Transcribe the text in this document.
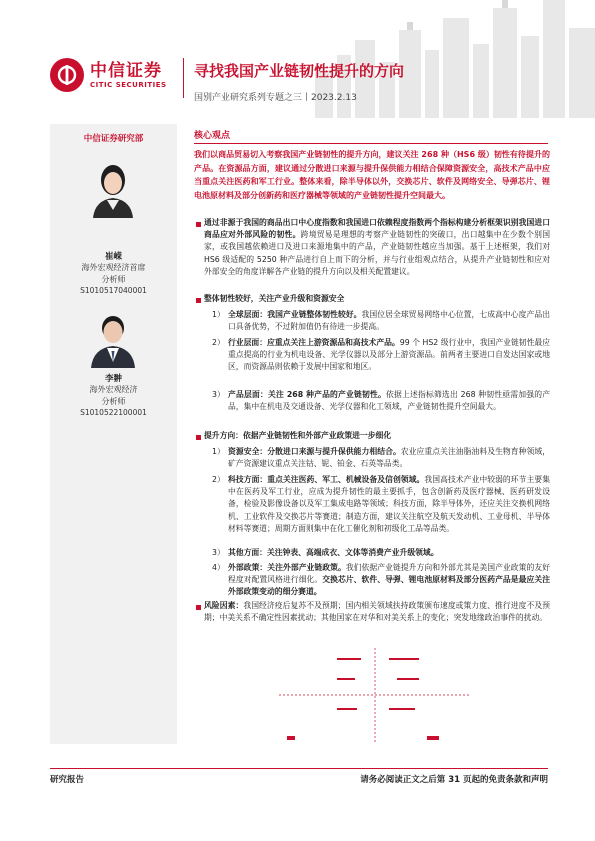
中信证券
CITIC SECURITIES
寻找我国产业链韧性提升的方向
国别产业研究系列专题之三丨2023.2.13
中信证券研究部
崔嵘
海外宏观经济首席
分析师
S1010517040001
李翀
海外宏观经济
分析师
S1010522100001
核心观点
我们以商品贸易切入考察我国产业链韧性的提升方向，建议关注 268 种（HS6 级）韧性有待提升的产品。在资源品方面，建议通过分散进口来源与提升保供能力相结合保障资源安全，高技术产品中应当重点关注医药和军工行业。整体来看，除半导体以外，交换芯片、软件及网络安全、导弹芯片、锂电池原材料及部分创新药和医疗器械等领域的产业链韧性提升空间最大。
通过非源于我国的商品出口中心度指数和我国进口依赖程度指数两个指标构建分析框架识别我国进口商品应对外部风险的韧性。跨境贸易是理想的考察产业链韧性的突破口，出口越集中在少数个别国家，或我国越依赖进口及进口来源地集中的产品，产业链韧性越应当加强。基于上述框架，我们对 HS6 级适配的 5250 种产品进行自上而下的分析，并与行业组观点结合，从提升产业链韧性和应对外部安全的角度详解各产业链的提升方向以及相关配置建议。
整体韧性较好，关注产业升级和资源安全
1） 全球层面：我国产业链整体韧性较好。我国位居全球贸易网络中心位置，七成高中心度产品出口具备优势，不过附加值仍有待进一步提高。
2） 行业层面：应重点关注上游资源品和高技术产品。99 个 HS2 级行业中，我国产业链韧性最应重点提高的行业为机电设备、光学仪器以及部分上游资源品。前两者主要进口自发达国家或地区，而资源品则依赖于发展中国家和地区。
3） 产品层面：关注 268 种产品的产业链韧性。依据上述指标筛选出 268 种韧性亟需加强的产品，集中在机电及交通设备、光学仪器和化工领域，产业链韧性提升空间最大。
提升方向：依据产业链韧性和外部产业政策进一步细化
1） 资源安全：分散进口来源与提升保供能力相结合。农业应重点关注油脂油料及生物育种领域，矿产资源建议重点关注钴、铌、铂金、石英等品类。
2） 科技方面：重点关注医药、军工、机械设备及信创领域。我国高技术产业中较弱的环节主要集中在医药及军工行业，应成为提升韧性的最主要抓手，包含创新药及医疗器械、医药研发设备，检验及影像设备以及军工集成电路等领域；科技方面，除半导体外，还应关注交换机网络机、工业软件及交换芯片等赛道；制造方面，建议关注航空及航天发动机、工业母机、半导体材料等赛道；周期方面则集中在化工催化剂和初级化工品等品类。
3） 其他方面：关注钟表、高端成衣、文体等消费产业升级领域。
4） 外部政策：关注外部产业链政策。我们依据产业链提升方向和外部尤其是美国产业政策的友好程度对配置风格进行细化。交换芯片、软件、导弹、锂电池原材料及部分医药产品是最应关注外部政策变动的细分赛道。
风险因素：我国经济疫后复苏不及预期；国内相关领域扶持政策颁布速度或策力度、推行进度不及预期；中美关系不确定性因素扰动；其他国家在对华和对美关系上的变化；突发地缘政治事件的扰动。
研究报告	请务必阅读正文之后第 31 页起的免责条款和声明
